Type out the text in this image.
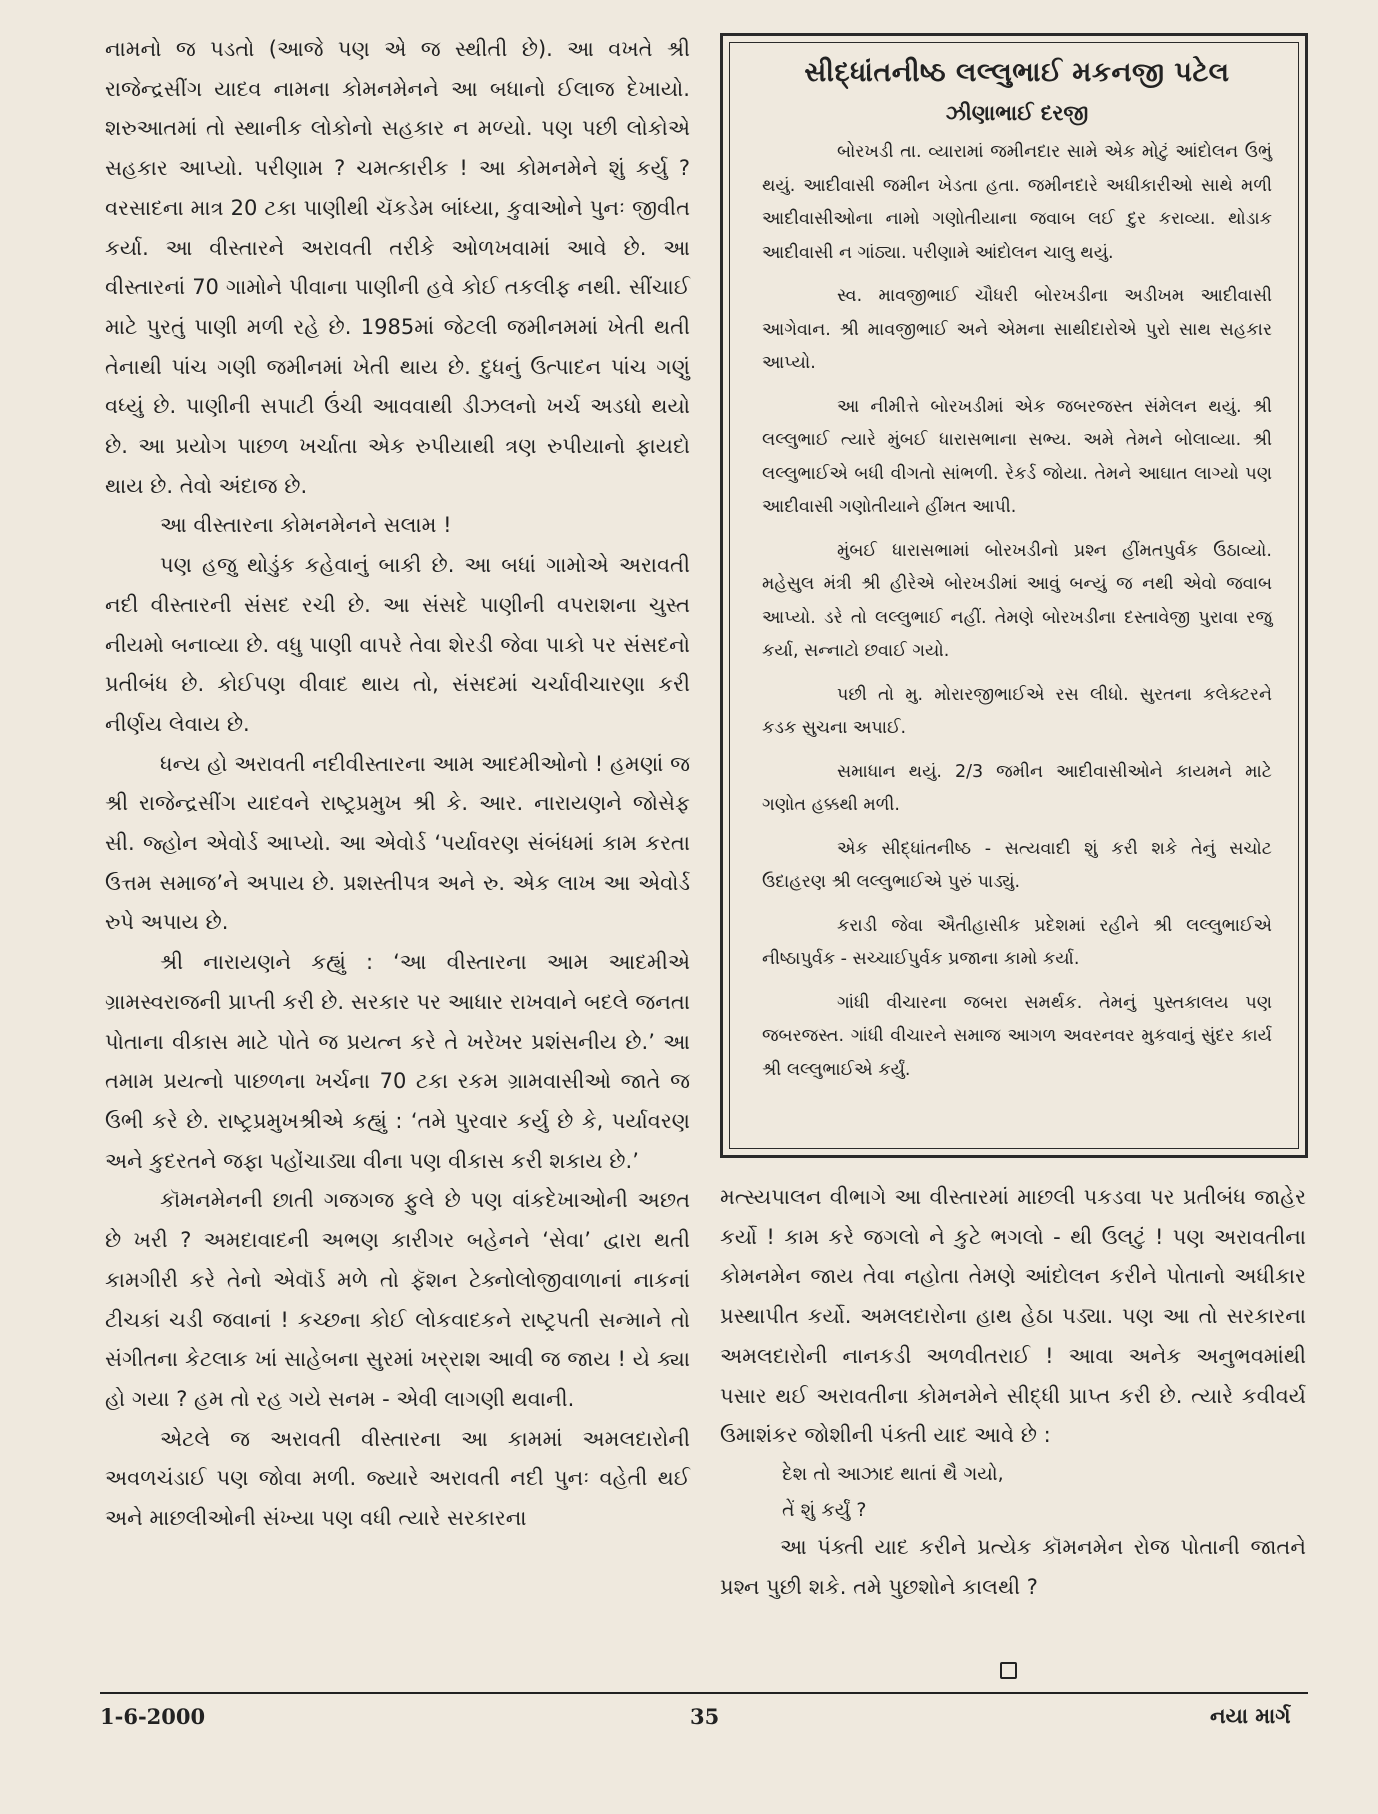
નામનો જ પડતો (આજે પણ એ જ સ્થીતી છે). આ વખતે શ્રી રાજેન્દ્રસીંગ યાદવ નામના કોમનમેનને આ બધાનો ઈલાજ દેખાયો. શરુઆતમાં તો સ્થાનીક લોકોનો સહકાર ન મળ્યો. પણ પછી લોકોએ સહકાર આપ્યો. પરીણામ ? ચમત્કારીક ! આ કોમનમેને શું કર્યુ ? વરસાદના માત્ર 20 ટકા પાણીથી ચૅકડેમ બાંધ્યા, કુવાઓને પુનઃ જીવીત કર્યા. આ વીસ્તારને અરાવતી તરીકે ઓળખવામાં આવે છે. આ વીસ્તારનાં 70 ગામોને પીવાના પાણીની હવે કોઈ તકલીફ નથી. સીંચાઈ માટે પુરતું પાણી મળી રહે છે. 1985માં જેટલી જમીનમમાં ખેતી થતી તેનાથી પાંચ ગણી જમીનમાં ખેતી થાય છે. દુધનું ઉત્પાદન પાંચ ગણું વધ્યું છે. પાણીની સપાટી ઉંચી આવવાથી ડીઝલનો ખર્ચ અડધો થયો છે. આ પ્રયોગ પાછળ ખર્ચાતા એક રુપીયાથી ત્રણ રુપીયાનો ફાયદો થાય છે. તેવો અંદાજ છે.

આ વીસ્તારના કોમનમેનને સલામ !

પણ હજુ થોડુંક કહેવાનું બાકી છે. આ બધાં ગામોએ અરાવતી નદી વીસ્તારની સંસદ રચી છે. આ સંસદે પાણીની વપરાશના ચુસ્ત નીયમો બનાવ્યા છે. વધુ પાણી વાપરે તેવા શેરડી જેવા પાકો પર સંસદનો પ્રતીબંધ છે. કોઈપણ વીવાદ થાય તો, સંસદમાં ચર્ચાવીચારણા કરી નીર્ણય લેવાય છે.

ધન્ય હો અરાવતી નદીવીસ્તારના આમ આદમીઓનો ! હમણાં જ શ્રી રાજેન્દ્રસીંગ યાદવને રાષ્ટ્રપ્રમુખ શ્રી કે. આર. નારાયણને જોસેફ સી. જ્હોન એવોર્ડ આપ્યો. આ એવોર્ડ ‘પર્યાવરણ સંબંધમાં કામ કરતા ઉત્તમ સમાજ’ને અપાય છે. પ્રશસ્તીપત્ર અને રુ. એક લાખ આ એવોર્ડ રુપે અપાય છે.

શ્રી નારાયણને કહ્યું : ‘આ વીસ્તારના આમ આદમીએ ગ્રામસ્વરાજની પ્રાપ્તી કરી છે. સરકાર પર આધાર રાખવાને બદલે જનતા પોતાના વીકાસ માટે પોતે જ પ્રયત્ન કરે તે ખરેખર પ્રશંસનીય છે.’ આ તમામ પ્રયત્નો પાછળના ખર્ચના 70 ટકા રકમ ગ્રામવાસીઓ જાતે જ ઉભી કરે છે. રાષ્ટ્રપ્રમુખશ્રીએ કહ્યું : ‘તમે પુરવાર કર્યુ છે કે, પર્યાવરણ અને કુદરતને જફા પહોંચાડ્યા વીના પણ વીકાસ કરી શકાય છે.’

કૉમનમેનની છાતી ગજગજ ફુલે છે પણ વાંકદેખાઓની અછત છે ખરી ? અમદાવાદની અભણ કારીગર બહેનને ‘સેવા’ દ્વારા થતી કામગીરી કરે તેનો એવૉર્ડ મળે તો ફૅશન ટેક્નોલોજીવાળાનાં નાકનાં ટીચકાં ચડી જવાનાં ! કચ્છના કોઈ લોકવાદકને રાષ્ટ્રપતી સન્માને તો સંગીતના કેટલાક ખાં સાહેબના સુરમાં ખર્‌રાશ આવી જ જાય ! યે ક્યા હો ગયા ? હમ તો રહ ગયે સનમ - એવી લાગણી થવાની.

એટલે જ અરાવતી વીસ્તારના આ કામમાં અમલદારોની અવળચંડાઈ પણ જોવા મળી. જ્યારે અરાવતી નદી પુનઃ વહેતી થઈ અને માછલીઓની સંખ્યા પણ વધી ત્યારે સરકારના

સીદ્ધાંતનીષ્ઠ લલ્લુભાઈ મકનજી પટેલ
ઝીણાભાઈ દરજી

બોરખડી તા. વ્યારામાં જમીનદાર સામે એક મોટું આંદોલન ઉભું થયું. આદીવાસી જમીન ખેડતા હતા. જમીનદારે અધીકારીઓ સાથે મળી આદીવાસીઓના નામો ગણોતીયાના જવાબ લઈ દુર કરાવ્યા. થોડાક આદીવાસી ન ગાંઠ્યા. પરીણામે આંદોલન ચાલુ થયું.

સ્વ. માવજીભાઈ ચૌધરી બોરખડીના અડીખમ આદીવાસી આગેવાન. શ્રી માવજીભાઈ અને એમના સાથીદારોએ પુરો સાથ સહકાર આપ્યો.

આ નીમીત્તે બોરખડીમાં એક જબરજસ્ત સંમેલન થયું. શ્રી લલ્લુભાઈ ત્યારે મુંબઈ ધારાસભાના સભ્ય. અમે તેમને બોલાવ્યા. શ્રી લલ્લુભાઈએ બધી વીગતો સાંભળી. રેકર્ડ જોયા. તેમને આઘાત લાગ્યો પણ આદીવાસી ગણોતીયાને હીંમત આપી.

મુંબઈ ધારાસભામાં બોરખડીનો પ્રશ્ન હીંમતપુર્વક ઉઠાવ્યો. મહેસુલ મંત્રી શ્રી હીરેએ બોરખડીમાં આવું બન્યું જ નથી એવો જવાબ આપ્યો. ડરે તો લલ્લુભાઈ નહીં. તેમણે બોરખડીના દસ્તાવેજી પુરાવા રજુ કર્યા, સન્નાટો છવાઈ ગયો.

પછી તો મુ. મોરારજીભાઈએ રસ લીધો. સુરતના કલેક્ટરને કડક સુચના અપાઈ.

સમાધાન થયું. 2/3 જમીન આદીવાસીઓને કાયમને માટે ગણોત હક્કથી મળી.

એક સીદ્ધાંતનીષ્ઠ - સત્યવાદી શું કરી શકે તેનું સચોટ ઉદાહરણ શ્રી લલ્લુભાઈએ પુરું પાડ્યું.

કરાડી જેવા ઐતીહાસીક પ્રદેશમાં રહીને શ્રી લલ્લુભાઈએ નીષ્ઠાપુર્વક - સચ્ચાઈપુર્વક પ્રજાના કામો કર્યા.

ગાંધી વીચારના જબરા સમર્થક. તેમનું પુસ્તકાલય પણ જબરજસ્ત. ગાંધી વીચારને સમાજ આગળ અવરનવર મુકવાનું સુંદર કાર્ય શ્રી લલ્લુભાઈએ કર્યું.

મત્સ્યપાલન વીભાગે આ વીસ્તારમાં માછલી પકડવા પર પ્રતીબંધ જાહેર કર્યો ! કામ કરે જગલો ને કુટે ભગલો - થી ઉલટું ! પણ અરાવતીના કોમનમેન જાય તેવા નહોતા તેમણે આંદોલન કરીને પોતાનો અધીકાર પ્રસ્થાપીત કર્યો. અમલદારોના હાથ હેઠા પડ્યા. પણ આ તો સરકારના અમલદારોની નાનકડી અળવીતરાઈ ! આવા અનેક અનુભવમાંથી પસાર થઈ અરાવતીના કોમનમેને સીદ્ધી પ્રાપ્ત કરી છે. ત્યારે કવીવર્ય ઉમાશંકર જોશીની પંક્તી યાદ આવે છે :

દેશ તો આઝાદ થાતાં થૈ ગયો,

તેં શું કર્યું ?

આ પંક્તી યાદ કરીને પ્રત્યેક કૉમનમેન રોજ પોતાની જાતને પ્રશ્ન પુછી શકે. તમે પુછશોને કાલથી ?

1-6-2000	35	નયા માર્ગ
